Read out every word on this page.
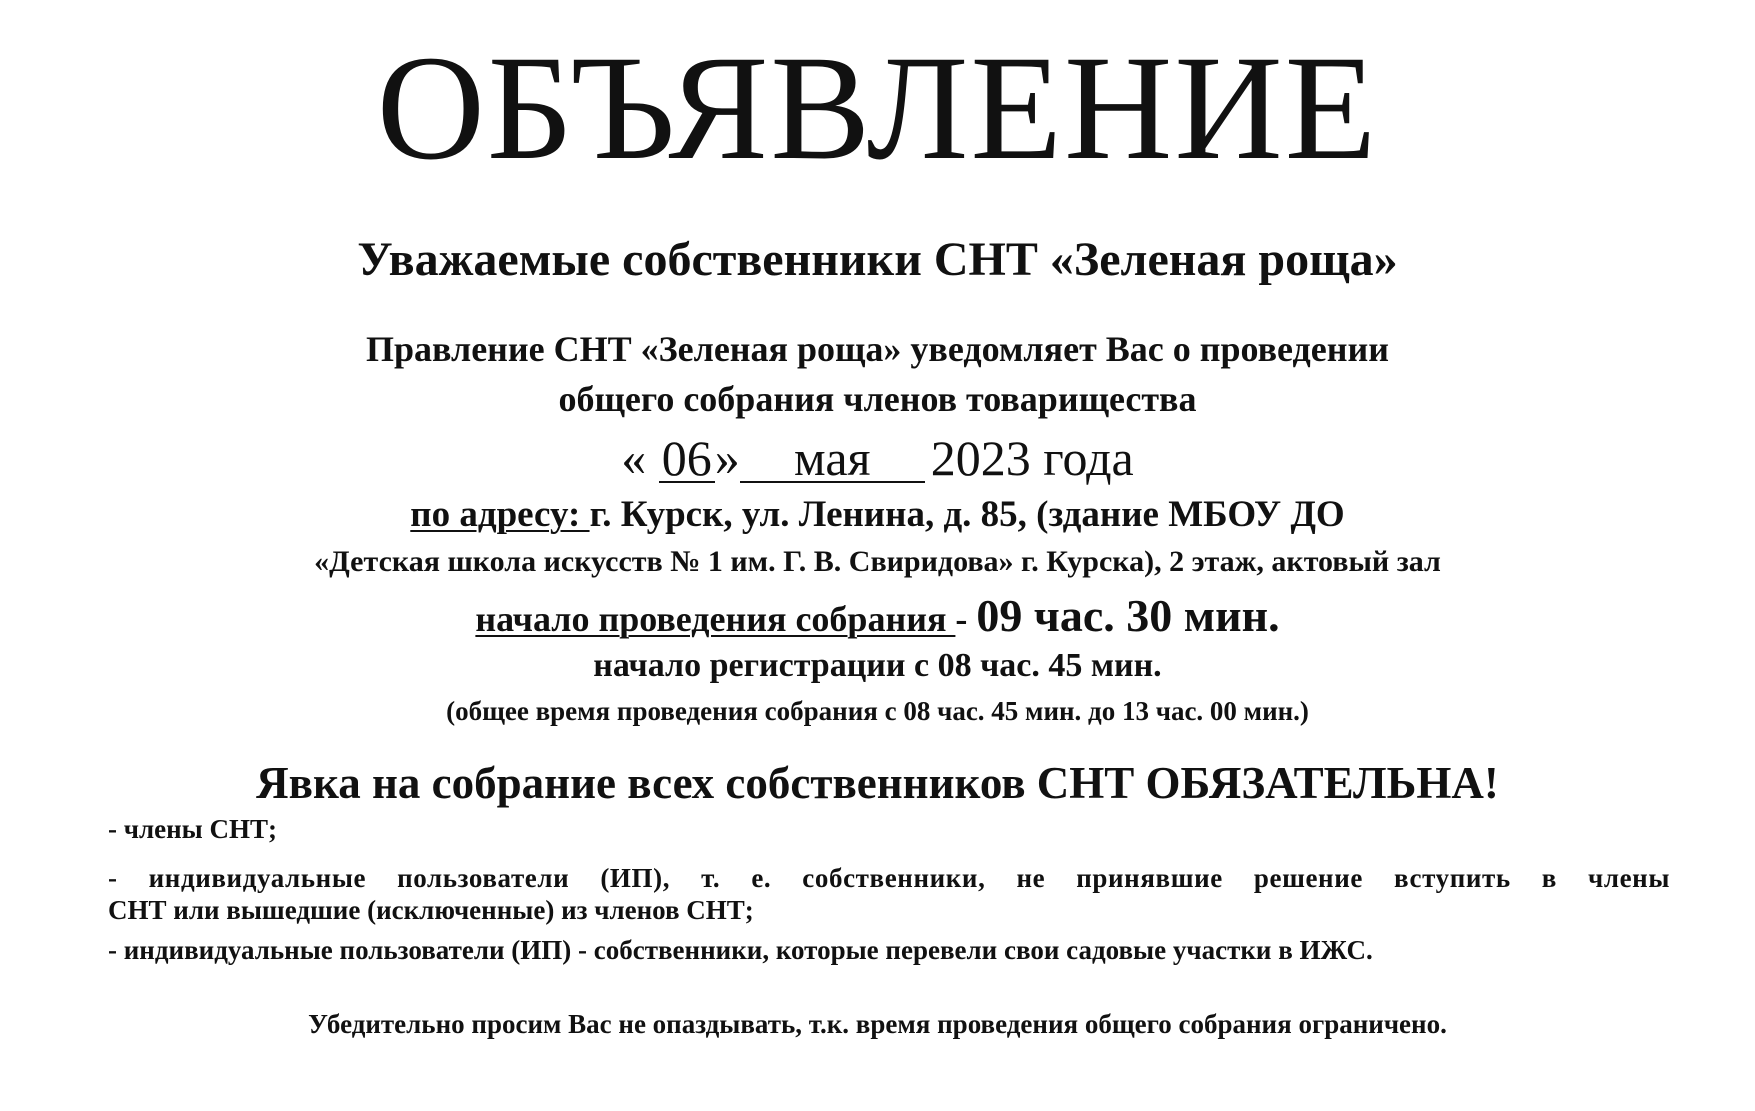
ОБЪЯВЛЕНИЕ
Уважаемые собственники СНТ «Зеленая роща»
Правление СНТ «Зеленая роща» уведомляет Вас о проведении
общего собрания членов товарищества
« 06» мая 2023 года
по адресу: г. Курск, ул. Ленина, д. 85, (здание МБОУ ДО
«Детская школа искусств № 1 им. Г. В. Свиридова» г. Курска), 2 этаж, актовый зал
начало проведения собрания - 09 час. 30 мин.
начало регистрации с 08 час. 45 мин.
(общее время проведения собрания с 08 час. 45 мин. до 13 час. 00 мин.)
Явка на собрание всех собственников СНТ ОБЯЗАТЕЛЬНА!
- члены СНТ;
- индивидуальные пользователи (ИП), т. е. собственники, не принявшие решение вступить в члены
СНТ или вышедшие (исключенные) из членов СНТ;
- индивидуальные пользователи (ИП) - собственники, которые перевели свои садовые участки в ИЖС.
Убедительно просим Вас не опаздывать, т.к. время проведения общего собрания ограничено.
